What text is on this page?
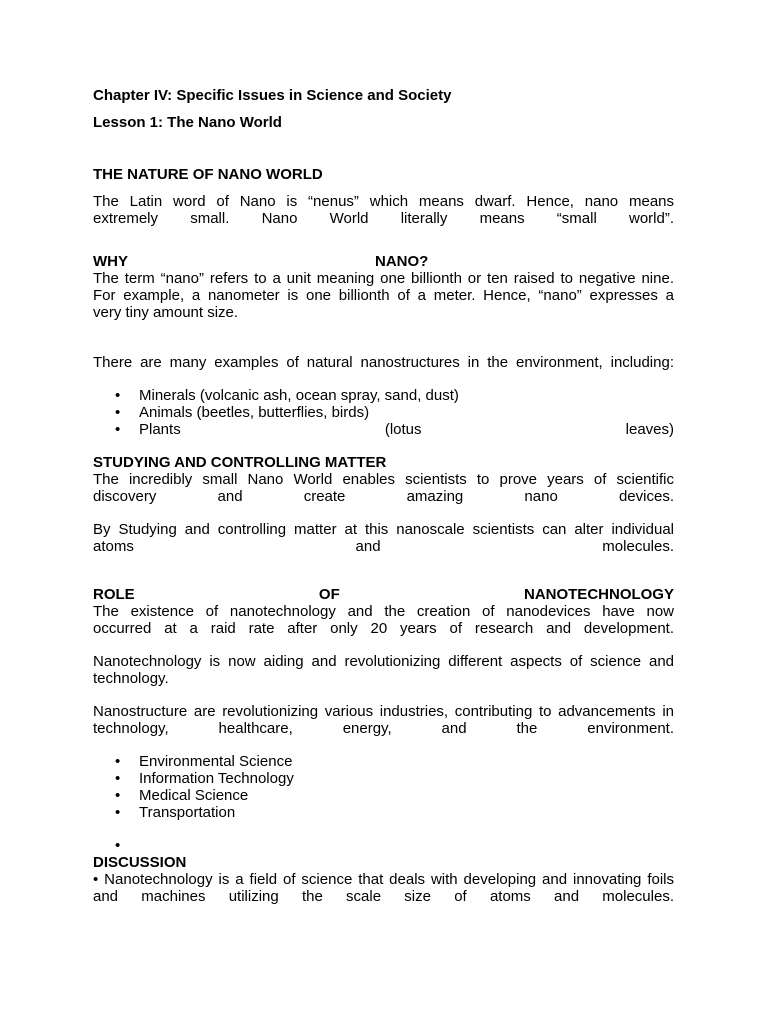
Chapter IV: Specific Issues in Science and Society

Lesson 1: The Nano World

THE NATURE OF NANO WORLD

The Latin word of Nano is “nenus” which means dwarf. Hence, nano means

extremely small. Nano World literally means “small world”.

WHY	NANO?

The term “nano” refers to a unit meaning one billionth or ten raised to negative nine.

For example, a nanometer is one billionth of a meter. Hence, “nano” expresses a

very tiny amount size.

There are many examples of natural nanostructures in the environment, including:

• Minerals (volcanic ash, ocean spray, sand, dust)
• Animals (beetles, butterflies, birds)
• Plants	(lotus	leaves)

STUDYING AND CONTROLLING MATTER

The incredibly small Nano World enables scientists to prove years of scientific

discovery and create amazing nano devices.

By Studying and controlling matter at this nanoscale scientists can alter individual

atoms and molecules.

ROLE	OF	NANOTECHNOLOGY

The existence of nanotechnology and the creation of nanodevices have now

occurred at a raid rate after only 20 years of research and development.

Nanotechnology is now aiding and revolutionizing different aspects of science and

technology.

Nanostructure are revolutionizing various industries, contributing to advancements in

technology, healthcare, energy, and the environment.

• Environmental Science
• Information Technology
• Medical Science
• Transportation
•

DISCUSSION

• Nanotechnology is a field of science that deals with developing and innovating foils

and machines utilizing the scale size of atoms and molecules.
